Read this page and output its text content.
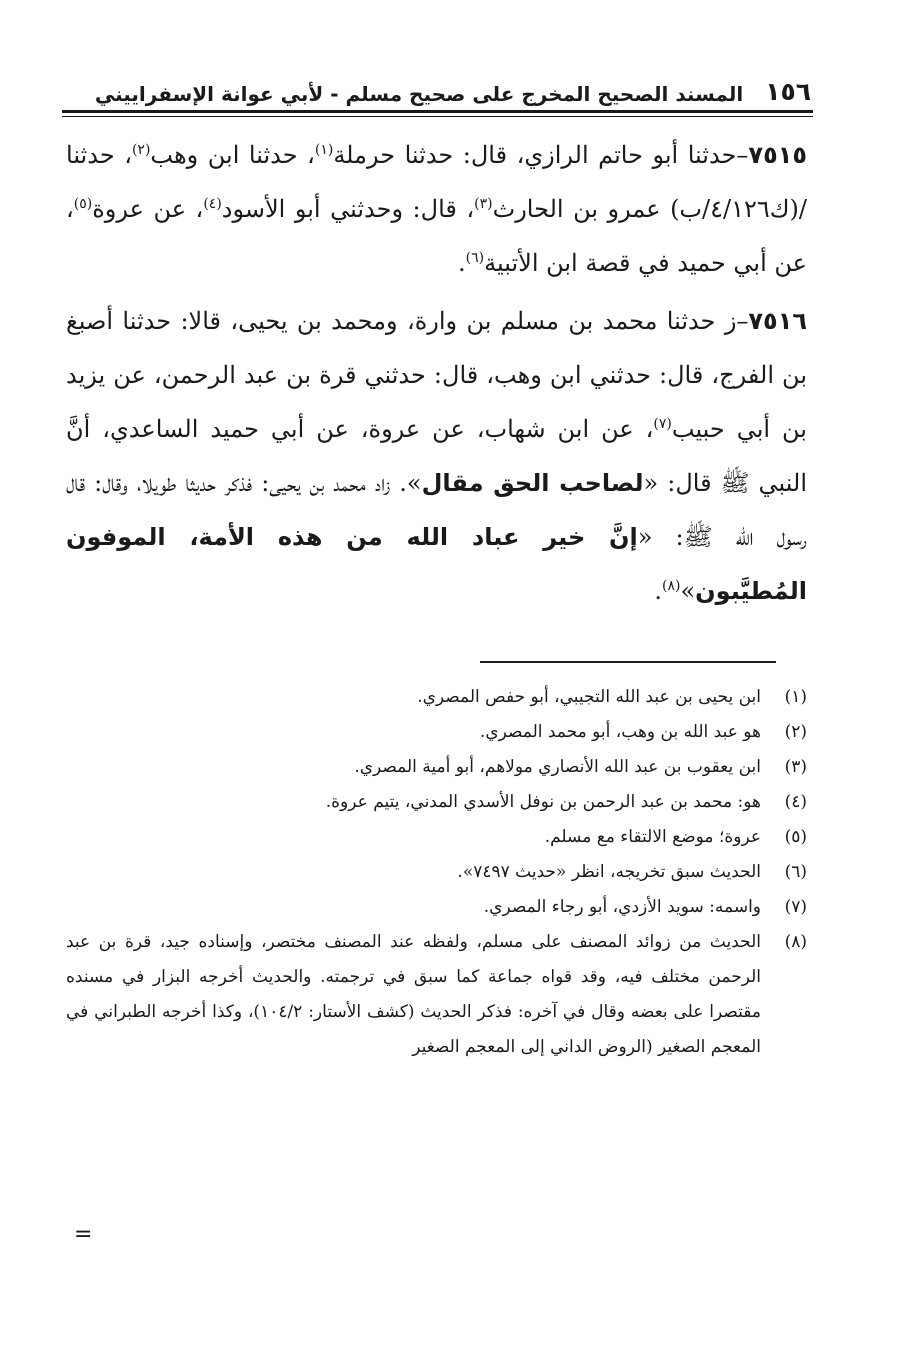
١٥٦
المسند الصحيح المخرج على صحيح مسلم - لأبي عوانة الإسفراييني

٧٥١٥–حدثنا أبو حاتم الرازي، قال: حدثنا حرملة$^{(١)}$، حدثنا ابن وهب$^{(٢)}$، حدثنا /(ك٤/١٢٦/ب) عمرو بن الحارث$^{(٣)}$، قال: وحدثني أبو الأسود$^{(٤)}$، عن عروة$^{(٥)}$، عن أبي حميد في قصة ابن الأتبية$^{(٦)}$.

٧٥١٦–ز حدثنا محمد بن مسلم بن وارة، ومحمد بن يحيى، قالا: حدثنا أصبغ بن الفرج، قال: حدثني ابن وهب، قال: حدثني قرة بن عبد الرحمن، عن يزيد بن أبي حبيب$^{(٧)}$، عن ابن شهاب، عن عروة، عن أبي حميد الساعدي، أنَّ النبي ﷺ قال: «لصاحب الحق مقال». زاد محمد بن يحيى: فذكر حديثا طويلا، وقال: قال رسول الله ﷺ: «إنَّ خير عباد الله من هذه الأمة، الموفون المُطيَّبون»$^{(٨)}$.

(١)
ابن يحيى بن عبد الله التجيبي، أبو حفص المصري.
(٢)
هو عبد الله بن وهب، أبو محمد المصري.
(٣)
ابن يعقوب بن عبد الله الأنصاري مولاهم، أبو أمية المصري.
(٤)
هو: محمد بن عبد الرحمن بن نوفل الأسدي المدني، يتيم عروة.
(٥)
عروة؛ موضع الالتقاء مع مسلم.
(٦)
الحديث سبق تخريجه، انظر «حديث ٧٤٩٧».
(٧)
واسمه: سويد الأزدي، أبو رجاء المصري.
(٨)
الحديث من زوائد المصنف على مسلم، ولفظه عند المصنف مختصر، وإسناده جيد، قرة بن عبد الرحمن مختلف فيه، وقد قواه جماعة كما سبق في ترجمته. والحديث أخرجه البزار في مسنده مقتصرا على بعضه وقال في آخره: فذكر الحديث (كشف الأستار: ١٠٤/٢)، وكذا أخرجه الطبراني في المعجم الصغير (الروض الداني إلى المعجم الصغير
=
